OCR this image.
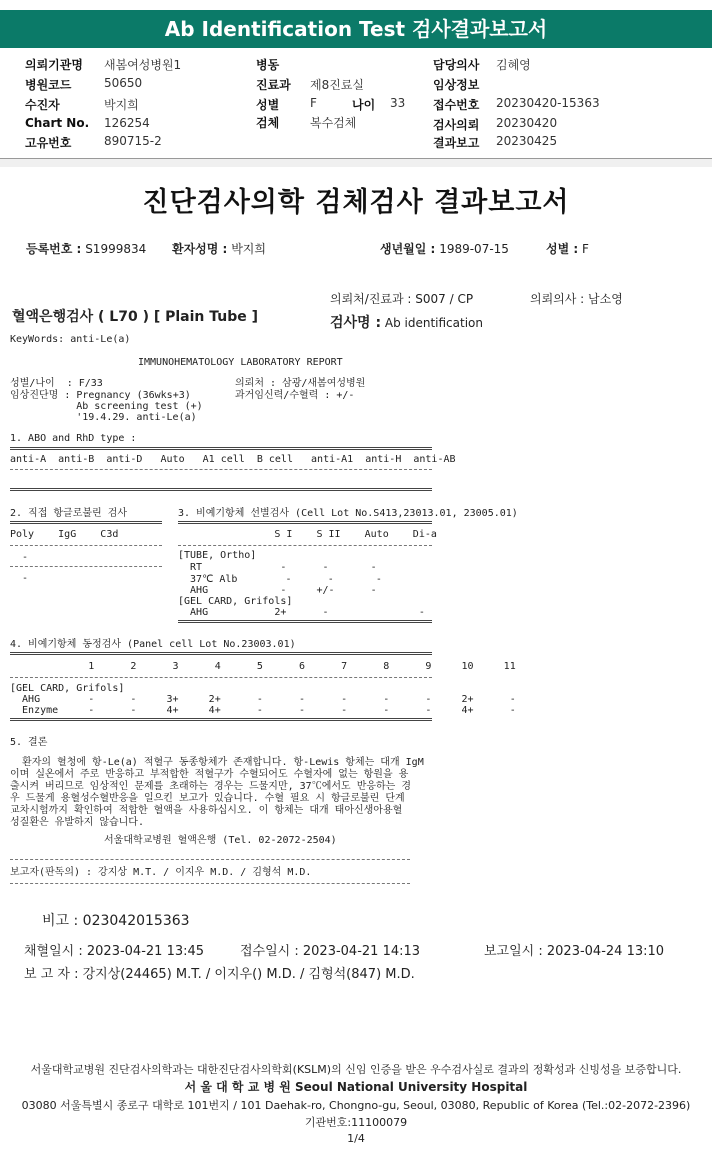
Ab Identification Test 검사결과보고서
의뢰기관명 새봄여성병원1
병원코드	50650
수진자	박지희
Chart No. 126254
고유번호	890715-2
병동
진료과 제8진료실
성별	F	나이 33
검체	복수검체
담당의사 김혜영
임상정보
접수번호 20230420-15363
검사의뢰 20230420
결과보고 20230425
진단검사의학 검체검사 결과보고서
등록번호 : S1999834 환자성명 : 박지희	생년월일 : 1989-07-15	성별 : F
의뢰처/진료과 : S007 / CP	의뢰의사 : 남소영
혈액은행검사 ( L70 ) [ Plain Tube ]	검사명 : Ab identification
KeyWords: anti-Le(a)
IMMUNOHEMATOLOGY LABORATORY REPORT
성별/나이  : F/33	의뢰처 : 삼광/새봄여성병원
임상진단명 : Pregnancy (36wks+3)	과거임신력/수혈력 : +/-
Ab screening test (+)
'19.4.29. anti-Le(a)
1. ABO and RhD type :
anti-A  anti-B  anti-D   Auto   A1 cell  B cell   anti-A1  anti-H  anti-AB
2. 직접 항글로불린 검사
Poly    IgG    C3d
-
-
3. 비예기항체 선별검사 (Cell Lot No.S413,23013.01, 23005.01)
S I    S II    Auto    Di-a
[TUBE, Ortho]
RT             -      -       -
37℃ Alb        -      -       -
AHG            -     +/-      -
[GEL CARD, Grifols]
AHG           2+      -               -
4. 비예기항체 동정검사 (Panel cell Lot No.23003.01)
1      2      3      4      5      6      7      8      9     10     11
[GEL CARD, Grifols]
AHG        -      -     3+     2+      -      -      -      -      -     2+      -
Enzyme     -      -     4+     4+      -      -      -      -      -     4+      -
5. 결론
환자의 혈청에 항-Le(a) 적혈구 동종항체가 존재합니다. 항-Lewis 항체는 대개 IgM
이며 실온에서 주로 반응하고 부적합한 적혈구가 수혈되어도 수혈자에 없는 항원을 용
출시켜 버리므로 임상적인 문제를 초래하는 경우는 드물지만, 37℃에서도 반응하는 경
우 드물게 용혈성수혈반응을 일으킨 보고가 있습니다. 수혈 필요 시 항글로불린 단계
교차시험까지 확인하여 적합한 혈액을 사용하십시오. 이 항체는 대개 태아신생아용혈
성질환은 유발하지 않습니다.
서울대학교병원 혈액은행 (Tel. 02-2072-2504)
보고자(판독의) : 강지상 M.T. / 이지우 M.D. / 김형석 M.D.
비고 : 023042015363
채혈일시 : 2023-04-21 13:45	접수일시 : 2023-04-21 14:13	보고일시 : 2023-04-24 13:10
보 고 자 : 강지상(24465) M.T. / 이지우() M.D. / 김형석(847) M.D.
서울대학교병원 진단검사의학과는 대한진단검사의학회(KSLM)의 신임 인증을 받은 우수검사실로 결과의 정확성과 신빙성을 보증합니다.
서 울 대 학 교 병 원 Seoul National University Hospital
03080 서울특별시 종로구 대학로 101번지 / 101 Daehak-ro, Chongno-gu, Seoul, 03080, Republic of Korea (Tel.:02-2072-2396)
기관번호:11100079
1/4
